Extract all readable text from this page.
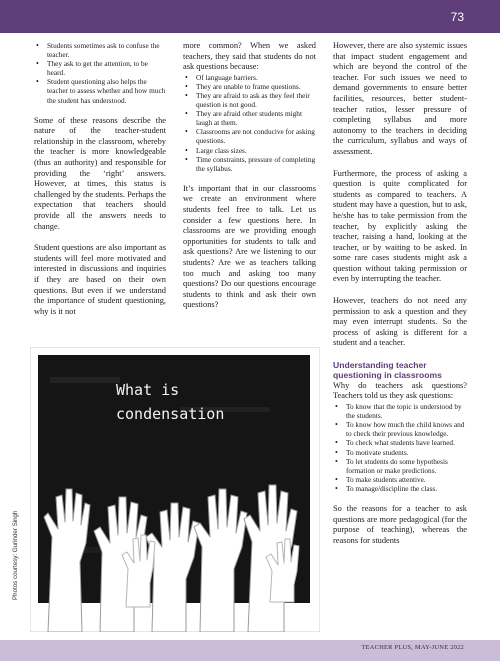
73
• Students sometimes ask to confuse the teacher.
• They ask to get the attention, to be heard.
• Student questioning also helps the teacher to assess whether and how much the student has understood.

Some of these reasons describe the nature of the teacher-student relationship in the classroom, whereby the teacher is more knowledgeable (thus an authority) and responsible for providing the ‘right’ answers. However, at times, this status is challenged by the students. Perhaps the expectation that teachers should provide all the answers needs to change.

Student questions are also important as students will feel more motivated and interested in discussions and inquiries if they are based on their own questions. But even if we understand the importance of student questioning, why is it not

more common? When we asked teachers, they said that students do not ask questions because:

• Of language barriers.
• They are unable to frame questions.
• They are afraid to ask as they feel their question is not good.
• They are afraid other students might laugh at them.
• Classrooms are not conducive for asking questions.
• Large class sizes.
• Time constraints, pressure of completing the syllabus.

It’s important that in our classrooms we create an environment where students feel free to talk. Let us consider a few questions here. In classrooms are we providing enough opportunities for students to talk and ask questions? Are we listening to our students? Are we as teachers talking too much and asking too many questions? Do our questions encourage students to think and ask their own questions?

However, there are also systemic issues that impact student engagement and which are beyond the control of the teacher. For such issues we need to demand governments to ensure better facilities, resources, better student-teacher ratios, lesser pressure of completing syllabus and more autonomy to the teachers in deciding the curriculum, syllabus and ways of assessment.

Furthermore, the process of asking a question is quite complicated for students as compared to teachers. A student may have a question, but to ask, he/she has to take permission from the teacher, by explicitly asking the teacher, raising a hand, looking at the teacher, or by waiting to be asked. In some rare cases students might ask a question without taking permission or even by interrupting the teacher.

However, teachers do not need any permission to ask a question and they may even interrupt students. So the process of asking is different for a student and a teacher.

Understanding teacher questioning in classrooms

Why do teachers ask questions? Teachers told us they ask questions:

• To know that the topic is understood by the students.
• To know how much the child knows and to check their previous knowledge.
• To check what students have learned.
• To motivate students.
• To let students do some hypothesis formation or make predictions.
• To make students attentive.
• To manage/discipline the class.

So the reasons for a teacher to ask questions are more pedagogical (for the purpose of teaching), whereas the reasons for students

Photos courtesy: Gurinder Singh
What is
condensation
TEACHER PLUS, MAY-JUNE 2022
